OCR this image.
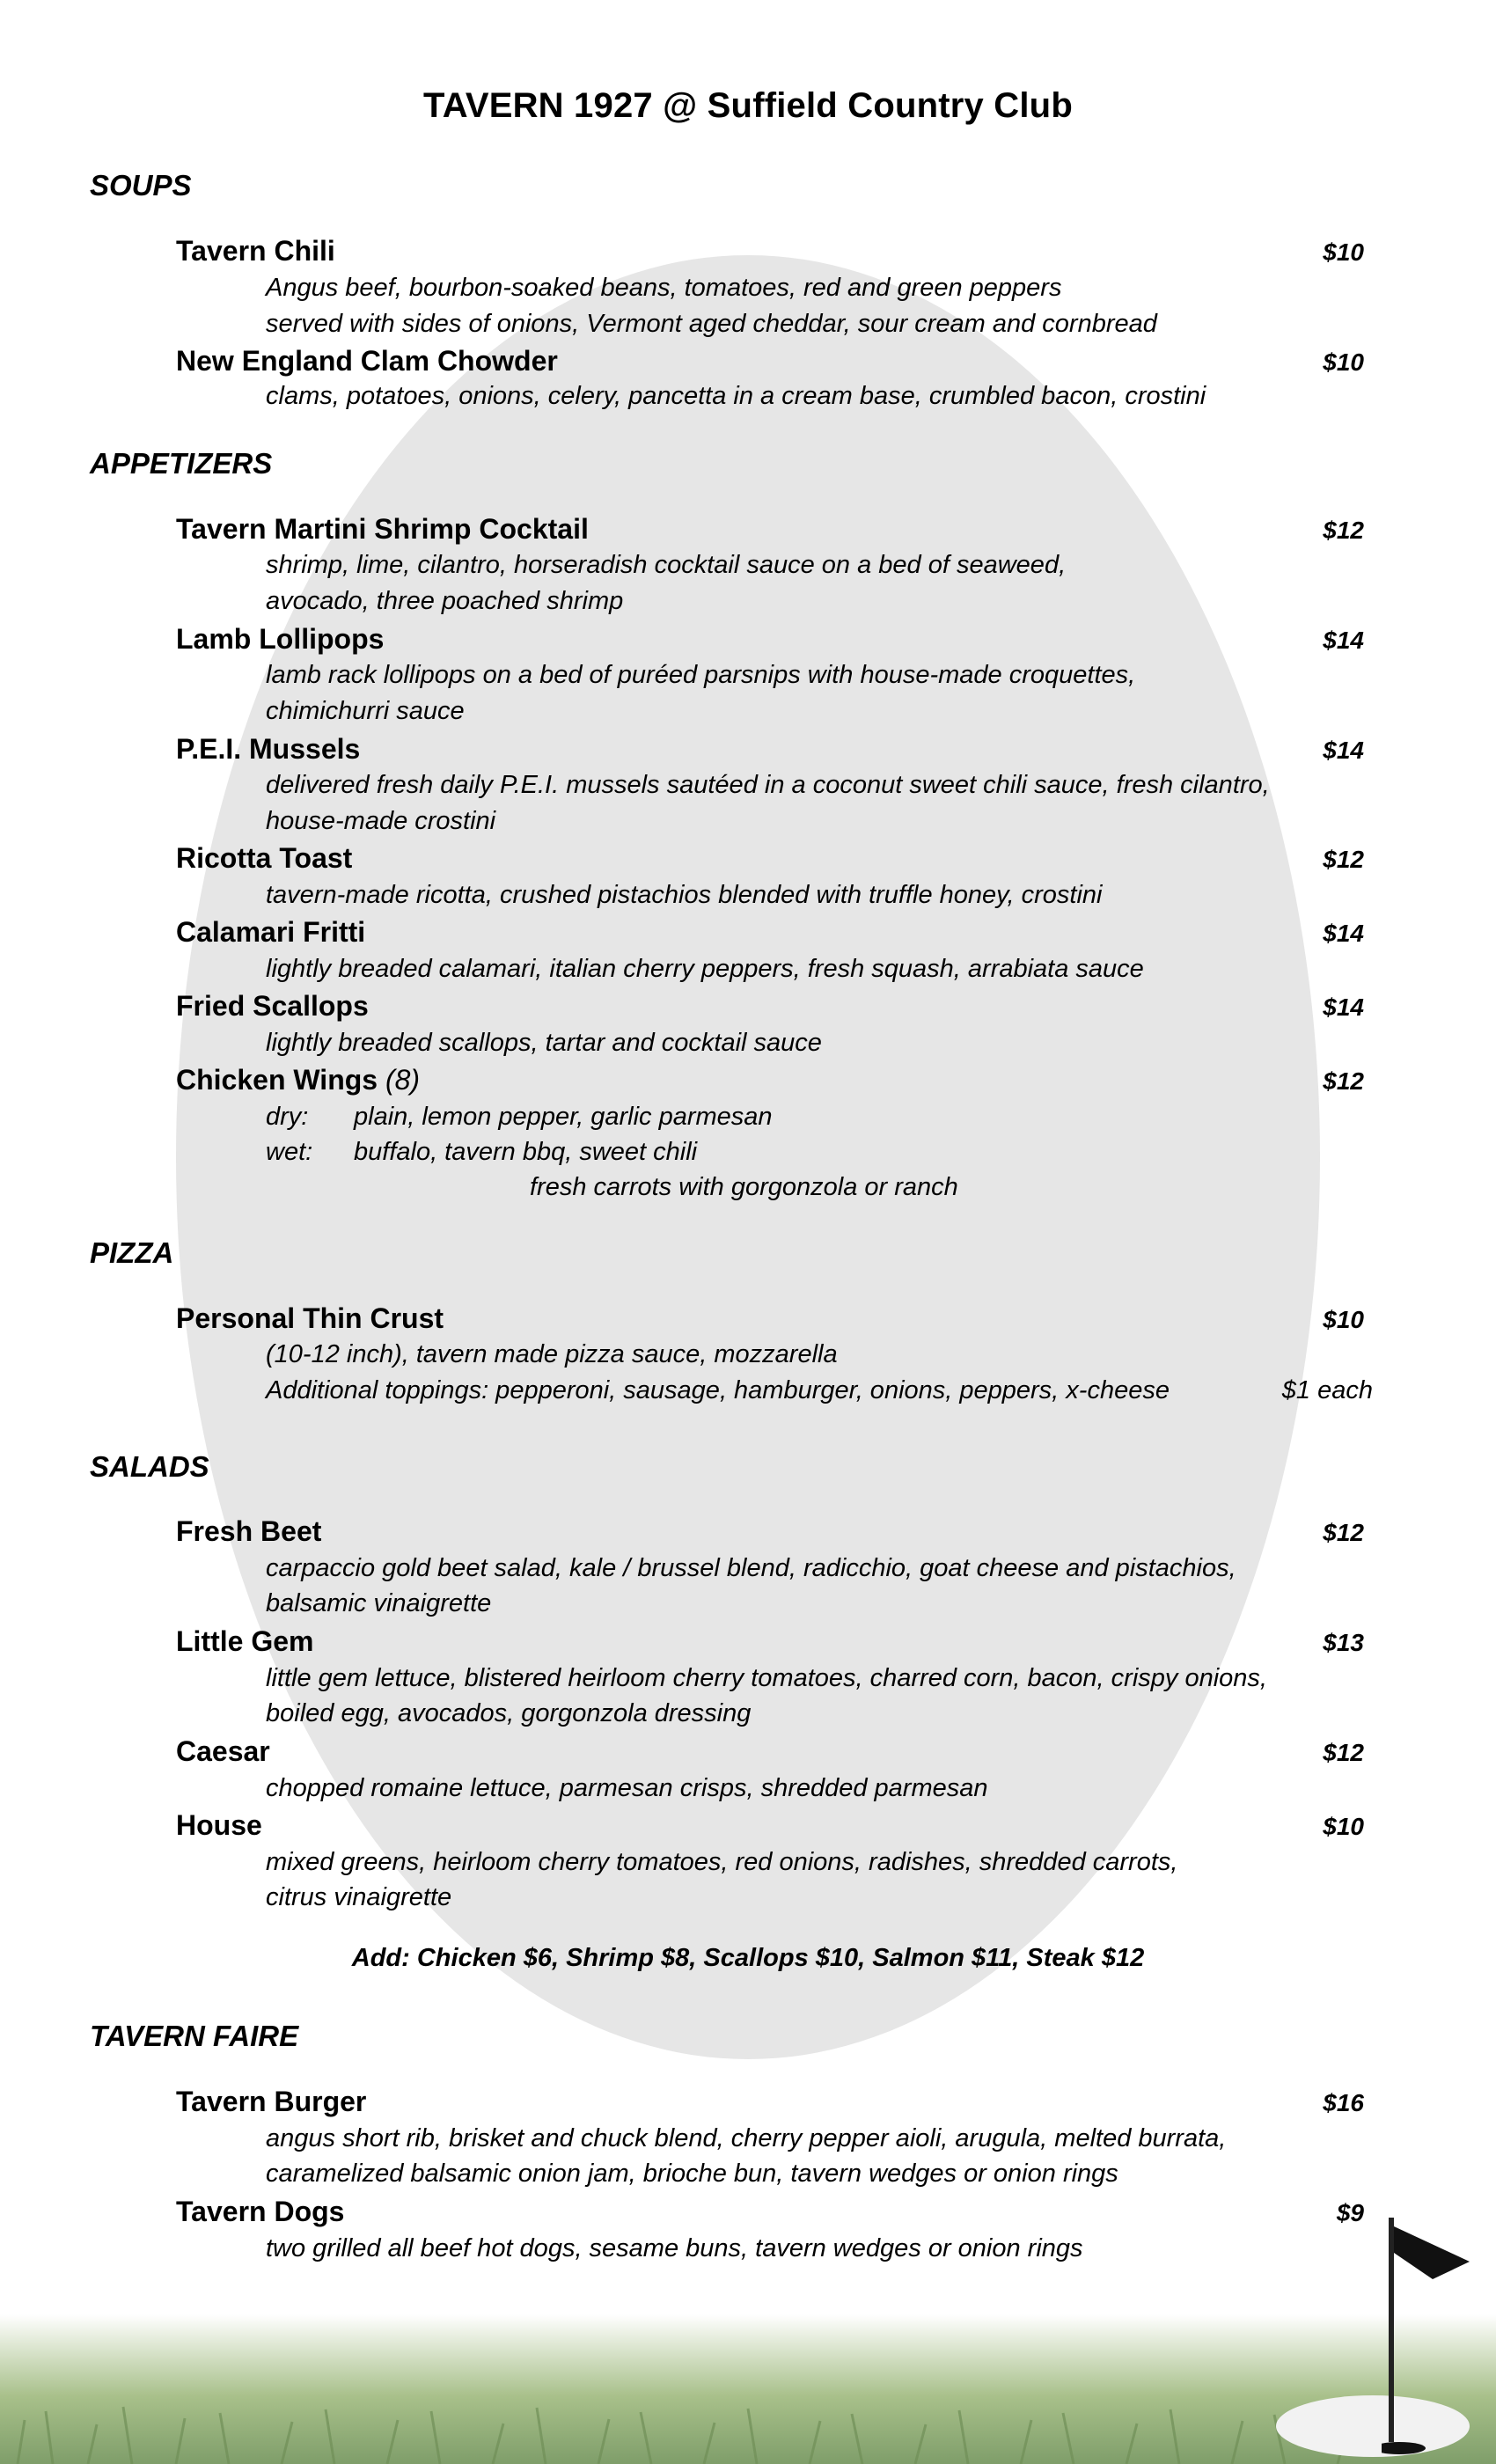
TAVERN 1927 @ Suffield Country Club
SOUPS
Tavern Chili	$10
Angus beef, bourbon-soaked beans, tomatoes, red and green peppers
served with sides of onions, Vermont aged cheddar, sour cream and cornbread
New England Clam Chowder	$10
clams, potatoes, onions, celery, pancetta in a cream base, crumbled bacon, crostini
APPETIZERS
Tavern Martini Shrimp Cocktail	$12
shrimp, lime, cilantro, horseradish cocktail sauce on a bed of seaweed,
avocado, three poached shrimp
Lamb Lollipops	$14
lamb rack lollipops on a bed of puréed parsnips with house-made croquettes,
chimichurri sauce
P.E.I. Mussels	$14
delivered fresh daily P.E.I. mussels sautéed in a coconut sweet chili sauce, fresh cilantro,
house-made crostini
Ricotta Toast	$12
tavern-made ricotta, crushed pistachios blended with truffle honey, crostini
Calamari Fritti	$14
lightly breaded calamari, italian cherry peppers, fresh squash, arrabiata sauce
Fried Scallops	$14
lightly breaded scallops, tartar and cocktail sauce
Chicken Wings (8)	$12
dry: plain, lemon pepper, garlic parmesan
wet: buffalo, tavern bbq, sweet chili
fresh carrots with gorgonzola or ranch
PIZZA
Personal Thin Crust	$10
(10-12 inch), tavern made pizza sauce, mozzarella
Additional toppings: pepperoni, sausage, hamburger, onions, peppers, x-cheese	$1 each
SALADS
Fresh Beet	$12
carpaccio gold beet salad, kale / brussel blend, radicchio, goat cheese and pistachios,
balsamic vinaigrette
Little Gem	$13
little gem lettuce, blistered heirloom cherry tomatoes, charred corn, bacon, crispy onions,
boiled egg, avocados, gorgonzola dressing
Caesar	$12
chopped romaine lettuce, parmesan crisps, shredded parmesan
House	$10
mixed greens, heirloom cherry tomatoes, red onions, radishes, shredded carrots,
citrus vinaigrette
Add: Chicken $6, Shrimp $8, Scallops $10, Salmon $11, Steak $12
TAVERN FAIRE
Tavern Burger	$16
angus short rib, brisket and chuck blend, cherry pepper aioli, arugula, melted burrata,
caramelized balsamic onion jam, brioche bun, tavern wedges or onion rings
Tavern Dogs	$9
two grilled all beef hot dogs, sesame buns, tavern wedges or onion rings
